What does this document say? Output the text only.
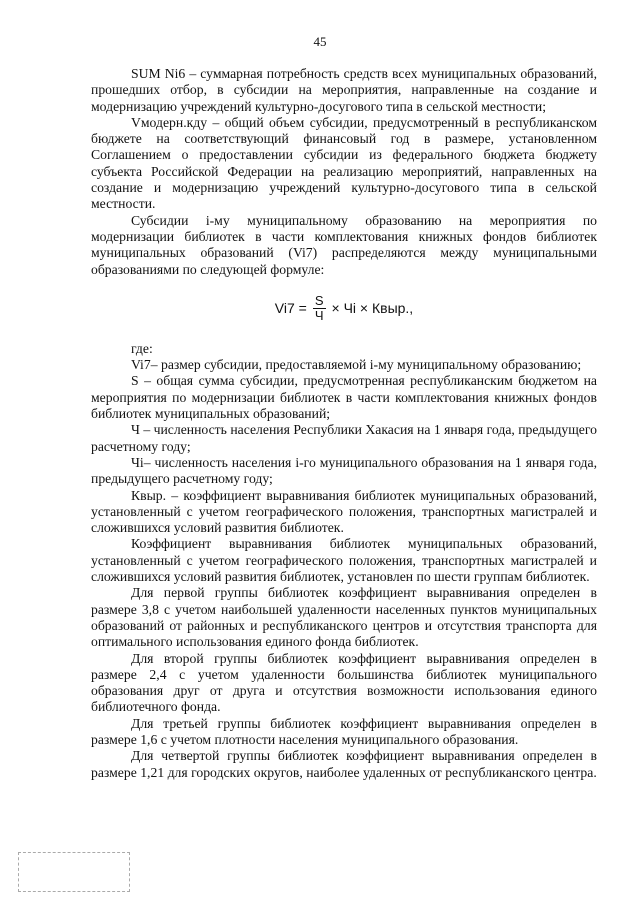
45

SUM Ni6 – суммарная потребность средств всех муниципальных образований, прошедших отбор, в субсидии на мероприятия, направленные на создание и модернизацию учреждений культурно-досугового типа в сельской местности;

Vмодерн.кду – общий объем субсидии, предусмотренный в республиканском бюджете на соответствующий финансовый год в размере, установленном Соглашением о предоставлении субсидии из федерального бюджета бюджету субъекта Российской Федерации на реализацию мероприятий, направленных на создание и модернизацию учреждений культурно-досугового типа в сельской местности.

Субсидии i-му муниципальному образованию на мероприятия по модернизации библиотек в части комплектования книжных фондов библиотек муниципальных образований (Vi7) распределяются между муниципальными образованиями по следующей формуле:

$Vi7 = \frac{S}{Ч}$ × Чi × Квыр.,

где:

Vi7– размер субсидии, предоставляемой i-му муниципальному образованию;

S – общая сумма субсидии, предусмотренная республиканским бюджетом на мероприятия по модернизации библиотек в части комплектования книжных фондов библиотек муниципальных образований;

Ч – численность населения Республики Хакасия на 1 января года, предыдущего расчетному году;

Чi– численность населения i-го муниципального образования на 1 января года, предыдущего расчетному году;

Квыр. – коэффициент выравнивания библиотек муниципальных образований, установленный с учетом географического положения, транспортных магистралей и сложившихся условий развития библиотек.

Коэффициент выравнивания библиотек муниципальных образований, установленный с учетом географического положения, транспортных магистралей и сложившихся условий развития библиотек, установлен по шести группам библиотек.

Для первой группы библиотек коэффициент выравнивания определен в размере 3,8 с учетом наибольшей удаленности населенных пунктов муниципальных образований от районных и республиканского центров и отсутствия транспорта для оптимального использования единого фонда библиотек.

Для второй группы библиотек коэффициент выравнивания определен в размере 2,4 с учетом удаленности большинства библиотек муниципального образования друг от друга и отсутствия возможности использования единого библиотечного фонда.

Для третьей группы библиотек коэффициент выравнивания определен в размере 1,6 с учетом плотности населения муниципального образования.

Для четвертой группы библиотек коэффициент выравнивания определен в размере 1,21 для городских округов, наиболее удаленных от республиканского центра.
